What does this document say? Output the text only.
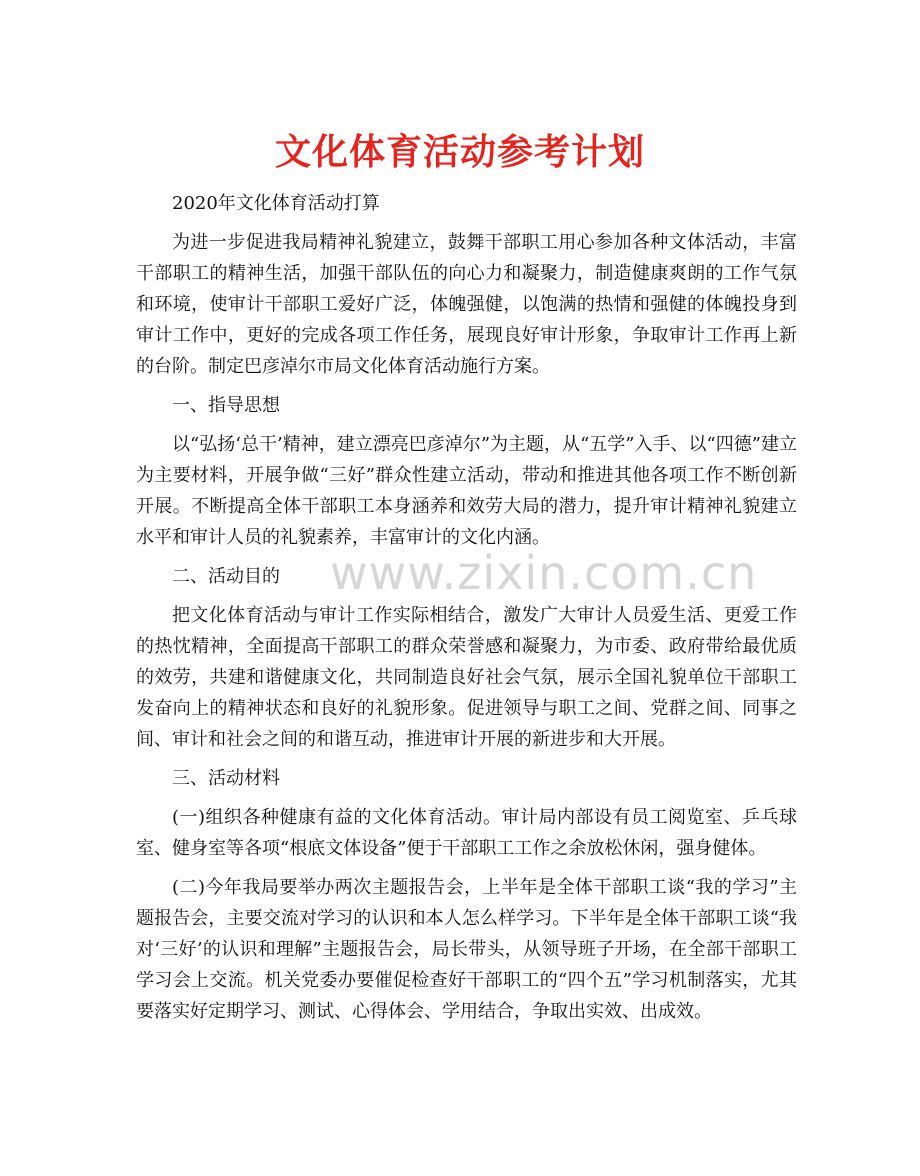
www.zixin.com.cn
文化体育活动参考计划

2020年文化体育活动打算

为进一步促进我局精神礼貌建立，鼓舞干部职工用心参加各种文体活动，丰富干部职工的精神生活，加强干部队伍的向心力和凝聚力，制造健康爽朗的工作气氛和环境，使审计干部职工爱好广泛，体魄强健，以饱满的热情和强健的体魄投身到审计工作中，更好的完成各项工作任务，展现良好审计形象，争取审计工作再上新的台阶。制定巴彦淖尔市局文化体育活动施行方案。

一、指导思想

以“弘扬‘总干’精神，建立漂亮巴彦淖尔”为主题，从“五学”入手、以“四德”建立为主要材料，开展争做“三好”群众性建立活动，带动和推进其他各项工作不断创新开展。不断提高全体干部职工本身涵养和效劳大局的潜力，提升审计精神礼貌建立水平和审计人员的礼貌素养，丰富审计的文化内涵。

二、活动目的

把文化体育活动与审计工作实际相结合，激发广大审计人员爱生活、更爱工作的热忱精神，全面提高干部职工的群众荣誉感和凝聚力，为市委、政府带给最优质的效劳，共建和谐健康文化，共同制造良好社会气氛，展示全国礼貌单位干部职工发奋向上的精神状态和良好的礼貌形象。促进领导与职工之间、党群之间、同事之间、审计和社会之间的和谐互动，推进审计开展的新进步和大开展。

三、活动材料

(一)组织各种健康有益的文化体育活动。审计局内部设有员工阅览室、乒乓球室、健身室等各项“根底文体设备”便于干部职工工作之余放松休闲，强身健体。

(二)今年我局要举办两次主题报告会，上半年是全体干部职工谈“我的学习”主题报告会，主要交流对学习的认识和本人怎么样学习。下半年是全体干部职工谈“我对‘三好’的认识和理解”主题报告会，局长带头，从领导班子开场，在全部干部职工学习会上交流。机关党委办要催促检查好干部职工的“四个五”学习机制落实，尤其要落实好定期学习、测试、心得体会、学用结合，争取出实效、出成效。
